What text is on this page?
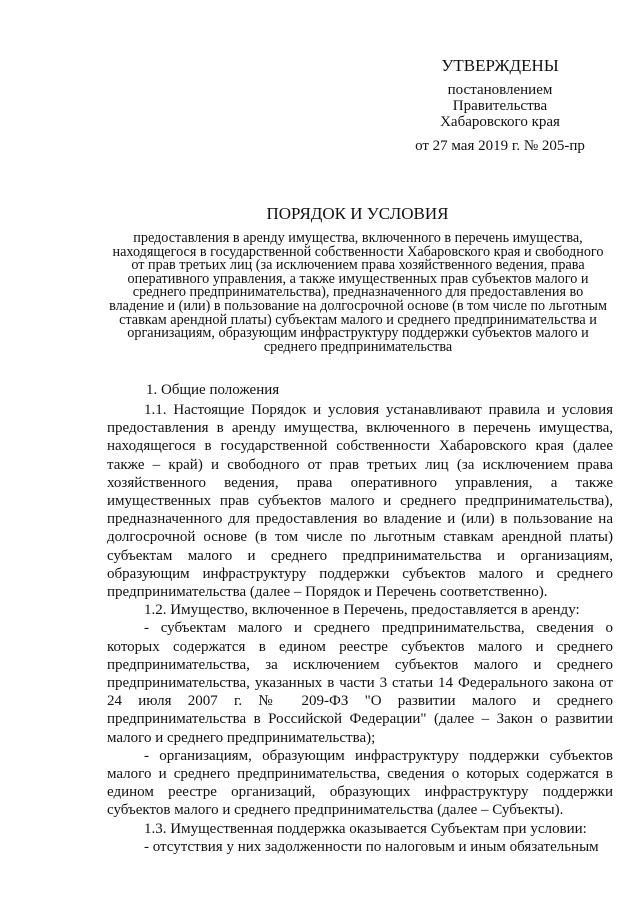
УТВЕРЖДЕНЫ
постановлением
Правительства
Хабаровского края
от 27 мая 2019 г. № 205-пр
ПОРЯДОК И УСЛОВИЯ
предоставления в аренду имущества, включенного в перечень имущества, находящегося в государственной собственности Хабаровского края и свободного от прав третьих лиц (за исключением права хозяйственного ведения, права оперативного управления, а также имущественных прав субъектов малого и среднего предпринимательства), предназначенного для предоставления во владение и (или) в пользование на долгосрочной основе (в том числе по льготным ставкам арендной платы) субъектам малого и среднего предпринимательства и организациям, образующим инфраструктуру поддержки субъектов малого и среднего предпринимательства
1. Общие положения

1.1. Настоящие Порядок и условия устанавливают правила и условия предоставления в аренду имущества, включенного в перечень имущества, находящегося в государственной собственности Хабаровского края (далее также – край) и свободного от прав третьих лиц (за исключением права хозяйственного ведения, права оперативного управления, а также имущественных прав субъектов малого и среднего предпринимательства), предназначенного для предоставления во владение и (или) в пользование на долгосрочной основе (в том числе по льготным ставкам арендной платы) субъектам малого и среднего предпринимательства и организациям, образующим инфраструктуру поддержки субъектов малого и среднего предпринимательства (далее – Порядок и Перечень соответственно).

1.2. Имущество, включенное в Перечень, предоставляется в аренду:

- субъектам малого и среднего предпринимательства, сведения о которых содержатся в едином реестре субъектов малого и среднего предпринимательства, за исключением субъектов малого и среднего предпринимательства, указанных в части 3 статьи 14 Федерального закона от 24 июля 2007 г. № 209-ФЗ "О развитии малого и среднего предпринимательства в Российской Федерации" (далее – Закон о развитии малого и среднего предпринимательства);

- организациям, образующим инфраструктуру поддержки субъектов малого и среднего предпринимательства, сведения о которых содержатся в едином реестре организаций, образующих инфраструктуру поддержки субъектов малого и среднего предпринимательства (далее – Субъекты).

1.3. Имущественная поддержка оказывается Субъектам при условии:

- отсутствия у них задолженности по налоговым и иным обязательным
